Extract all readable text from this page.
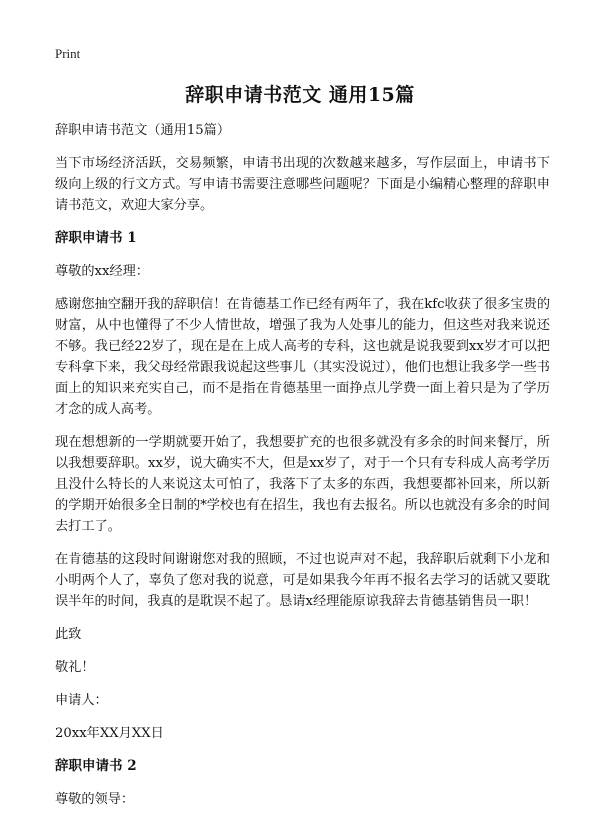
Print
辞职申请书范文 通用15篇

辞职申请书范文（通用15篇）

当下市场经济活跃，交易频繁，申请书出现的次数越来越多，写作层面上，申请书下级向上级的行文方式。写申请书需要注意哪些问题呢？下面是小编精心整理的辞职申请书范文，欢迎大家分享。

辞职申请书 1

尊敬的xx经理：

感谢您抽空翻开我的辞职信！在肯德基工作已经有两年了，我在kfc收获了很多宝贵的财富，从中也懂得了不少人情世故，增强了我为人处事儿的能力，但这些对我来说还不够。我已经22岁了，现在是在上成人高考的专科，这也就是说我要到xx岁才可以把专科拿下来，我父母经常跟我说起这些事儿（其实没说过），他们也想让我多学一些书面上的知识来充实自己，而不是指在肯德基里一面挣点儿学费一面上着只是为了学历才念的成人高考。

现在想想新的一学期就要开始了，我想要扩充的也很多就没有多余的时间来餐厅，所以我想要辞职。xx岁，说大确实不大，但是xx岁了，对于一个只有专科成人高考学历且没什么特长的人来说这太可怕了，我落下了太多的东西，我想要都补回来，所以新的学期开始很多全日制的*学校也有在招生，我也有去报名。所以也就没有多余的时间去打工了。

在肯德基的这段时间谢谢您对我的照顾，不过也说声对不起，我辞职后就剩下小龙和小明两个人了，辜负了您对我的说意，可是如果我今年再不报名去学习的话就又要耽误半年的时间，我真的是耽误不起了。恳请x经理能原谅我辞去肯德基销售员一职！

此致

敬礼！

申请人：

20xx年XX月XX日

辞职申请书 2

尊敬的领导：
